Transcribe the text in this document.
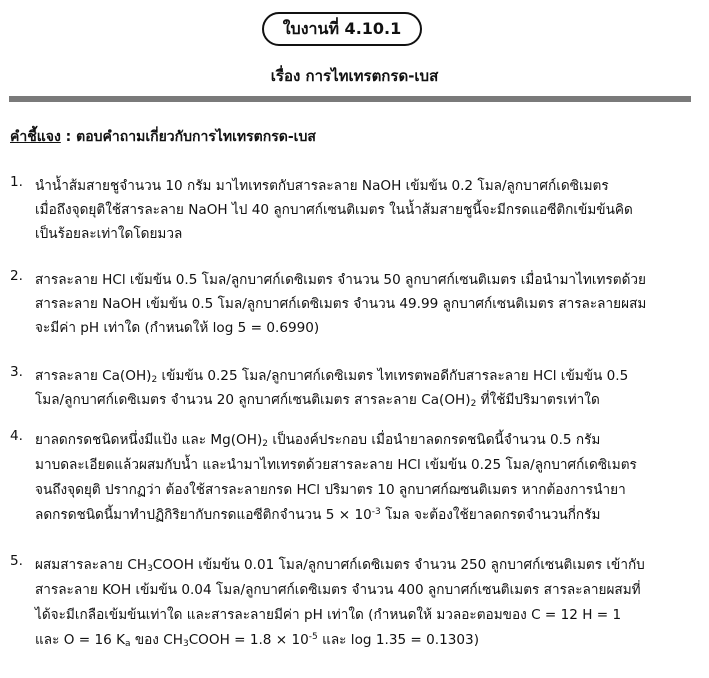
ใบงานที่ 4.10.1
เรื่อง การไทเทรตกรด-เบส
คำชี้แจง : ตอบคำถามเกี่ยวกับการไทเทรตกรด-เบส
1. นำน้ำส้มสายชูจำนวน 10 กรัม มาไทเทรตกับสารละลาย NaOH เข้มข้น 0.2 โมล/ลูกบาศก์เดซิเมตร
เมื่อถึงจุดยุติใช้สารละลาย NaOH ไป 40 ลูกบาศก์เซนติเมตร ในน้ำส้มสายชูนี้จะมีกรดแอซีติกเข้มข้นคิด
เป็นร้อยละเท่าใดโดยมวล
2. สารละลาย HCl เข้มข้น 0.5 โมล/ลูกบาศก์เดซิเมตร จำนวน 50 ลูกบาศก์เซนติเมตร เมื่อนำมาไทเทรตด้วย
สารละลาย NaOH เข้มข้น 0.5 โมล/ลูกบาศก์เดซิเมตร จำนวน 49.99 ลูกบาศก์เซนติเมตร สารละลายผสม
จะมีค่า pH เท่าใด (กำหนดให้ log 5 = 0.6990)
3. สารละลาย $Ca(OH)_2$ เข้มข้น 0.25 โมล/ลูกบาศก์เดซิเมตร ไทเทรตพอดีกับสารละลาย HCl เข้มข้น 0.5
โมล/ลูกบาศก์เดซิเมตร จำนวน 20 ลูกบาศก์เซนติเมตร สารละลาย $Ca(OH)_2$ ที่ใช้มีปริมาตรเท่าใด
4. ยาลดกรดชนิดหนึ่งมีแป้ง และ $Mg(OH)_2$ เป็นองค์ประกอบ เมื่อนำยาลดกรดชนิดนี้จำนวน 0.5 กรัม
มาบดละเอียดแล้วผสมกับน้ำ และนำมาไทเทรตด้วยสารละลาย HCl เข้มข้น 0.25 โมล/ลูกบาศก์เดซิเมตร
จนถึงจุดยุติ ปรากฏว่า ต้องใช้สารละลายกรด HCl ปริมาตร 10 ลูกบาศก์ฌซนติเมตร หากต้องการนำยา
ลดกรดชนิดนี้มาทำปฏิกิริยากับกรดแอซีติกจำนวน $5 \times 10^{-3}$ โมล จะต้องใช้ยาลดกรดจำนวนกี่กรัม
5. ผสมสารละลาย $CH_3COOH$ เข้มข้น 0.01 โมล/ลูกบาศก์เดซิเมตร จำนวน 250 ลูกบาศก์เซนติเมตร เข้ากับ
สารละลาย KOH เข้มข้น 0.04 โมล/ลูกบาศก์เดซิเมตร จำนวน 400 ลูกบาศก์เซนติเมตร สารละลายผสมที่
ได้จะมีเกลือเข้มข้นเท่าใด และสารละลายมีค่า pH เท่าใด (กำหนดให้ มวลอะตอมของ C = 12 H = 1
และ O = 16 $K_a$ ของ $CH_3COOH = 1.8 \times 10^{-5}$ และ log 1.35 = 0.1303)
